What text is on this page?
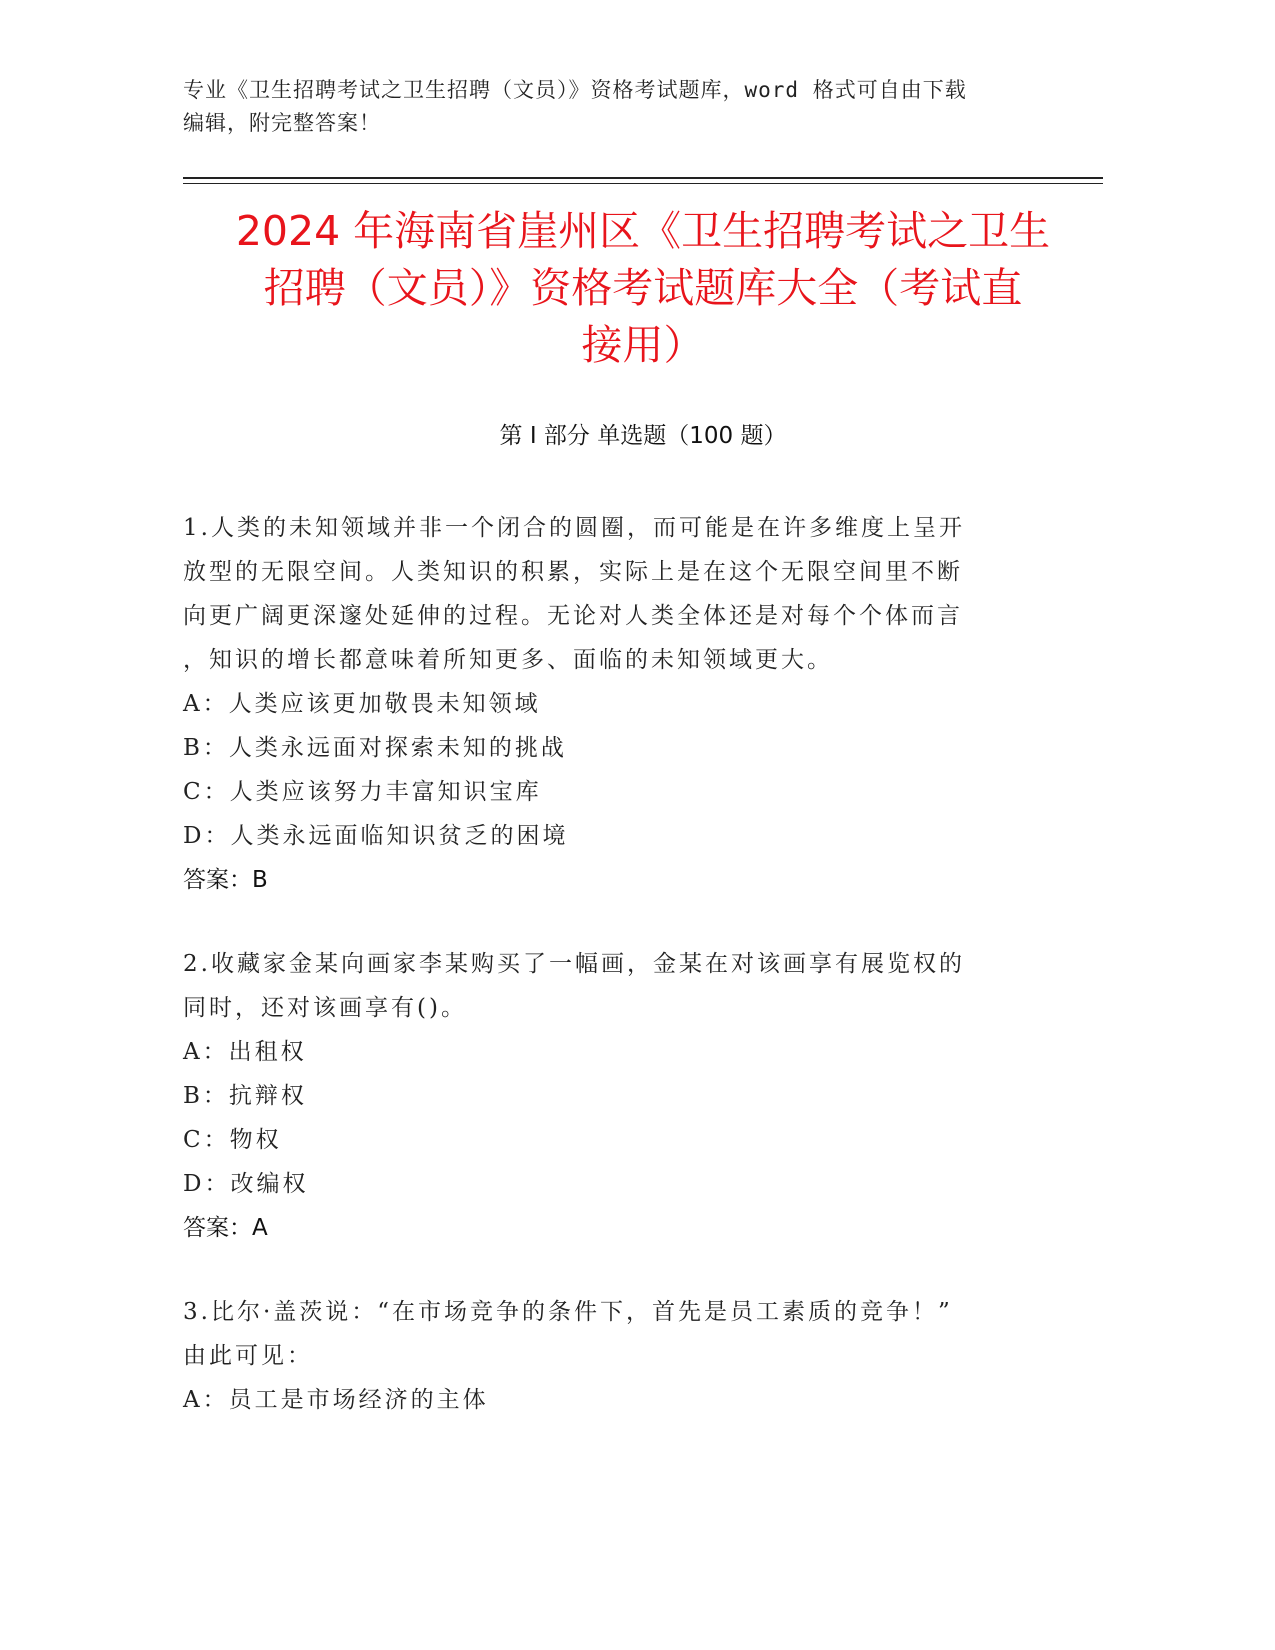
专业《卫生招聘考试之卫生招聘（文员）》资格考试题库，word 格式可自由下载
编辑，附完整答案！
2024 年海南省崖州区《卫生招聘考试之卫生
招聘（文员）》资格考试题库大全（考试直
接用）
第 I 部分 单选题（100 题）

1.人类的未知领域并非一个闭合的圆圈，而可能是在许多维度上呈开

放型的无限空间。人类知识的积累，实际上是在这个无限空间里不断

向更广阔更深邃处延伸的过程。无论对人类全体还是对每个个体而言

，知识的增长都意味着所知更多、面临的未知领域更大。

A：人类应该更加敬畏未知领域
B：人类永远面对探索未知的挑战
C：人类应该努力丰富知识宝库
D：人类永远面临知识贫乏的困境
答案：B

2.收藏家金某向画家李某购买了一幅画，金某在对该画享有展览权的

同时，还对该画享有()。

A：出租权
B：抗辩权
C：物权
D：改编权
答案：A

3.比尔·盖茨说：“在市场竞争的条件下，首先是员工素质的竞争！”

由此可见：

A：员工是市场经济的主体
